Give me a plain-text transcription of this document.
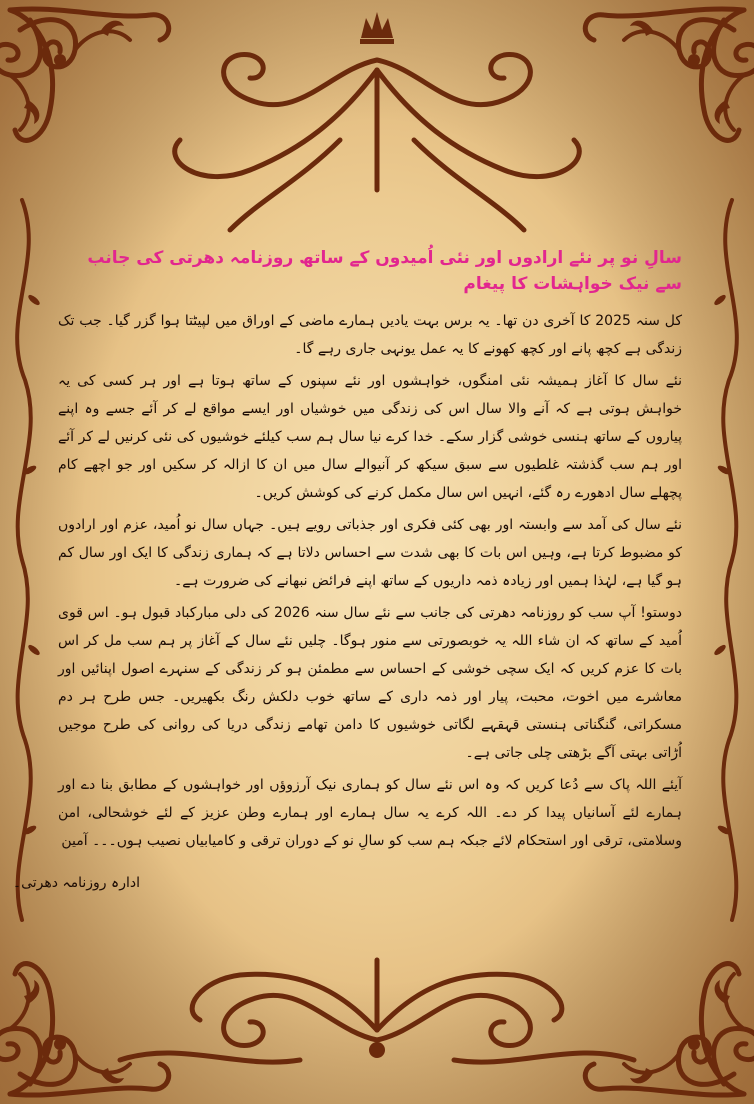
سالِ نو پر نئے ارادوں اور نئی اُمیدوں کے ساتھ روزنامہ دھرتی کی جانب سے نیک خواہشات کا پیغام

کل سنہ 2025 کا آخری دن تھا۔ یہ برس بہت یادیں ہمارے ماضی کے اوراق میں لپیٹتا ہوا گزر گیا۔ جب تک زندگی ہے کچھ پانے اور کچھ کھونے کا یہ عمل یونہی جاری رہے گا۔

نئے سال کا آغاز ہمیشہ نئی امنگوں، خواہشوں اور نئے سپنوں کے ساتھ ہوتا ہے اور ہر کسی کی یہ خواہش ہوتی ہے کہ آنے والا سال اس کی زندگی میں خوشیاں اور ایسے مواقع لے کر آئے جسے وہ اپنے پیاروں کے ساتھ ہنسی خوشی گزار سکے۔ خدا کرے نیا سال ہم سب کیلئے خوشیوں کی نئی کرنیں لے کر آئے اور ہم سب گذشتہ غلطیوں سے سبق سیکھ کر آنیوالے سال میں ان کا ازالہ کر سکیں اور جو اچھے کام پچھلے سال ادھورے رہ گئے، انہیں اس سال مکمل کرنے کی کوشش کریں۔

نئے سال کی آمد سے وابستہ اور بھی کئی فکری اور جذباتی رویے ہیں۔ جہاں سال نو اُمید، عزم اور ارادوں کو مضبوط کرتا ہے، وہیں اس بات کا بھی شدت سے احساس دلاتا ہے کہ ہماری زندگی کا ایک اور سال کم ہو گیا ہے، لہٰذا ہمیں اور زیادہ ذمہ داریوں کے ساتھ اپنے فرائض نبھانے کی ضرورت ہے۔

دوستو! آپ سب کو روزنامہ دھرتی کی جانب سے نئے سال سنہ 2026 کی دلی مبارکباد قبول ہو۔ اس قوی اُمید کے ساتھ کہ ان شاء اللہ یہ خوبصورتی سے منور ہوگا۔ چلیں نئے سال کے آغاز پر ہم سب مل کر اس بات کا عزم کریں کہ ایک سچی خوشی کے احساس سے مطمئن ہو کر زندگی کے سنہرے اصول اپنائیں اور معاشرے میں اخوت، محبت، پیار اور ذمہ داری کے ساتھ خوب دلکش رنگ بکھیریں۔ جس طرح ہر دم مسکراتی، گنگناتی ہنستی قہقہے لگاتی خوشیوں کا دامن تھامے زندگی دریا کی روانی کی طرح موجیں اُڑاتی بہتی آگے بڑھتی چلی جاتی ہے۔

آیئے اللہ پاک سے دُعا کریں کہ وہ اس نئے سال کو ہماری نیک آرزوؤں اور خواہشوں کے مطابق بنا دے اور ہمارے لئے آسانیاں پیدا کر دے۔ اللہ کرے یہ سال ہمارے اور ہمارے وطن عزیز کے لئے خوشحالی، امن وسلامتی، ترقی اور استحکام لائے جبکہ ہم سب کو سالِ نو کے دوران ترقی و کامیابیاں نصیب ہوں۔۔۔ آمین

ادارہ روزنامہ دھرتی۔
